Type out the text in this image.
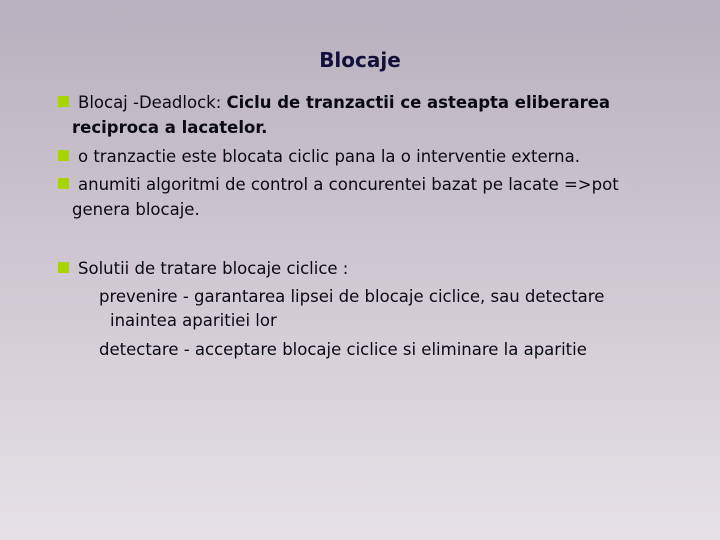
Blocaje
Blocaj -Deadlock: Ciclu de tranzactii ce asteapta eliberarea
reciproca a lacatelor.
o tranzactie este blocata ciclic pana la o interventie externa.
anumiti algoritmi de control a concurentei bazat pe lacate =>pot
genera blocaje.
Solutii de tratare blocaje ciclice :
prevenire - garantarea lipsei de blocaje ciclice, sau detectare
inaintea aparitiei lor
detectare - acceptare blocaje ciclice si eliminare la aparitie
